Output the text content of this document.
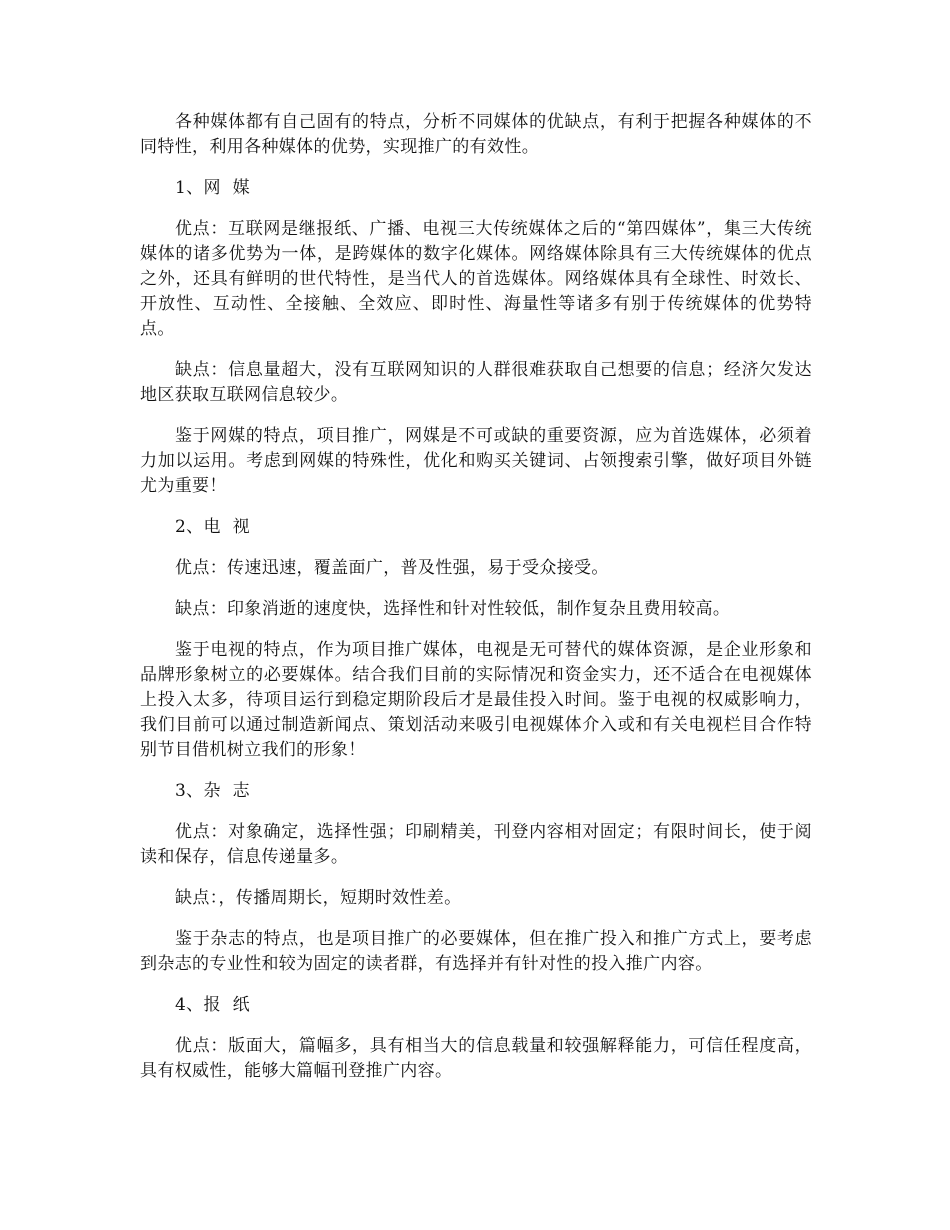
各种媒体都有自己固有的特点，分析不同媒体的优缺点，有利于把握各种媒体的不同特性，利用各种媒体的优势，实现推广的有效性。

1、网 媒

优点：互联网是继报纸、广播、电视三大传统媒体之后的“第四媒体”，集三大传统媒体的诸多优势为一体，是跨媒体的数字化媒体。网络媒体除具有三大传统媒体的优点之外，还具有鲜明的世代特性，是当代人的首选媒体。网络媒体具有全球性、时效长、开放性、互动性、全接触、全效应、即时性、海量性等诸多有别于传统媒体的优势特点。

缺点：信息量超大，没有互联网知识的人群很难获取自己想要的信息；经济欠发达地区获取互联网信息较少。

鉴于网媒的特点，项目推广，网媒是不可或缺的重要资源，应为首选媒体，必须着力加以运用。考虑到网媒的特殊性，优化和购买关键词、占领搜索引擎，做好项目外链尤为重要！

2、电 视

优点：传速迅速，覆盖面广，普及性强，易于受众接受。

缺点：印象消逝的速度快，选择性和针对性较低，制作复杂且费用较高。

鉴于电视的特点，作为项目推广媒体，电视是无可替代的媒体资源，是企业形象和品牌形象树立的必要媒体。结合我们目前的实际情况和资金实力，还不适合在电视媒体上投入太多，待项目运行到稳定期阶段后才是最佳投入时间。鉴于电视的权威影响力，我们目前可以通过制造新闻点、策划活动来吸引电视媒体介入或和有关电视栏目合作特别节目借机树立我们的形象！

3、杂 志

优点：对象确定，选择性强；印刷精美，刊登内容相对固定；有限时间长，使于阅读和保存，信息传递量多。

缺点：，传播周期长，短期时效性差。

鉴于杂志的特点，也是项目推广的必要媒体，但在推广投入和推广方式上，要考虑到杂志的专业性和较为固定的读者群，有选择并有针对性的投入推广内容。

4、报 纸

优点：版面大，篇幅多，具有相当大的信息载量和较强解释能力，可信任程度高，具有权威性，能够大篇幅刊登推广内容。
